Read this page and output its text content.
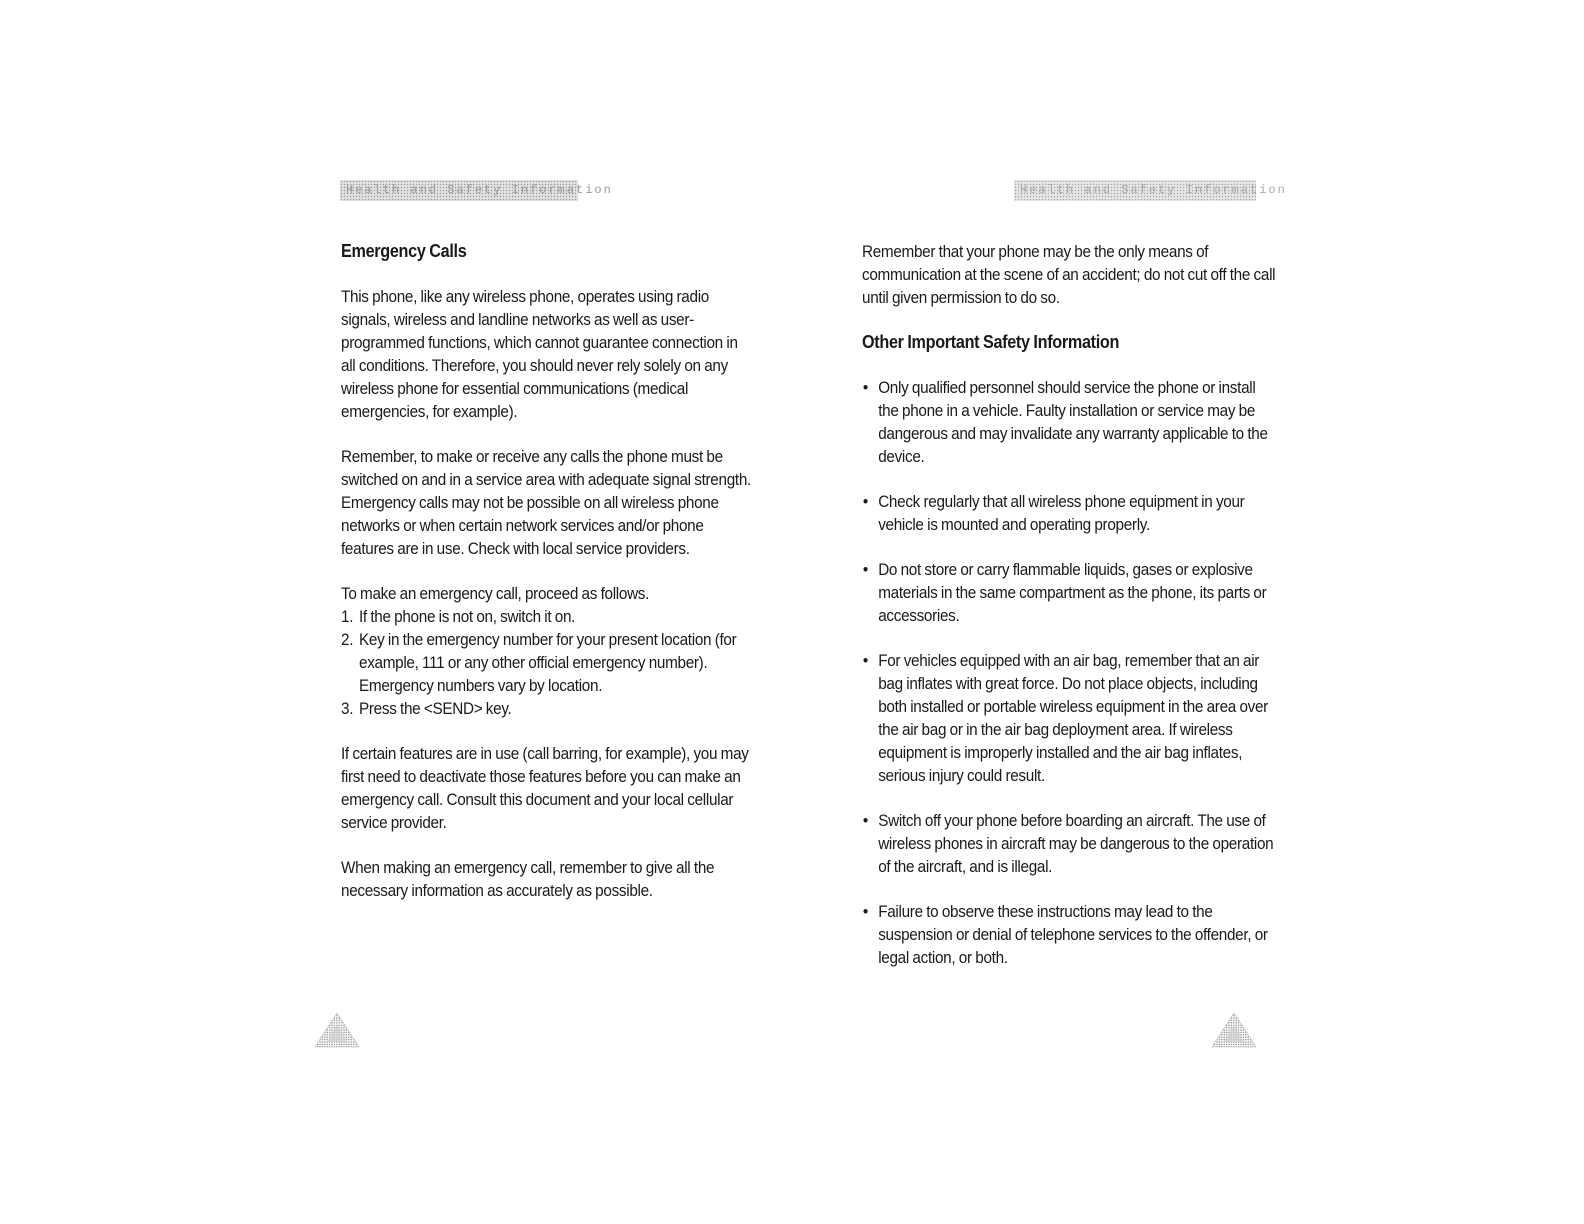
Health and Safety Information
Emergency Calls

This phone, like any wireless phone, operates using radio signals, wireless and landline networks as well as user-programmed functions, which cannot guarantee connection in all conditions. Therefore, you should never rely solely on any wireless phone for essential communications (medical emergencies, for example).

Remember, to make or receive any calls the phone must be switched on and in a service area with adequate signal strength. Emergency calls may not be possible on all wireless phone networks or when certain network services and/or phone features are in use. Check with local service providers.

To make an emergency call, proceed as follows.

1. If the phone is not on, switch it on.
2. Key in the emergency number for your present location (for example, 111 or any other official emergency number). Emergency numbers vary by location.
3. Press the <SEND> key.

If certain features are in use (call barring, for example), you may first need to deactivate those features before you can make an emergency call. Consult this document and your local cellular service provider.

When making an emergency call, remember to give all the necessary information as accurately as possible.

Health and Safety Information

Remember that your phone may be the only means of communication at the scene of an accident; do not cut off the call until given permission to do so.

Other Important Safety Information
• Only qualified personnel should service the phone or install the phone in a vehicle. Faulty installation or service may be dangerous and may invalidate any warranty applicable to the device.
• Check regularly that all wireless phone equipment in your vehicle is mounted and operating properly.
• Do not store or carry flammable liquids, gases or explosive materials in the same compartment as the phone, its parts or accessories.
• For vehicles equipped with an air bag, remember that an air bag inflates with great force. Do not place objects, including both installed or portable wireless equipment in the area over the air bag or in the air bag deployment area. If wireless equipment is improperly installed and the air bag inflates, serious injury could result.
• Switch off your phone before boarding an aircraft. The use of wireless phones in aircraft may be dangerous to the operation of the aircraft, and is illegal.
• Failure to observe these instructions may lead to the suspension or denial of telephone services to the offender, or legal action, or both.
